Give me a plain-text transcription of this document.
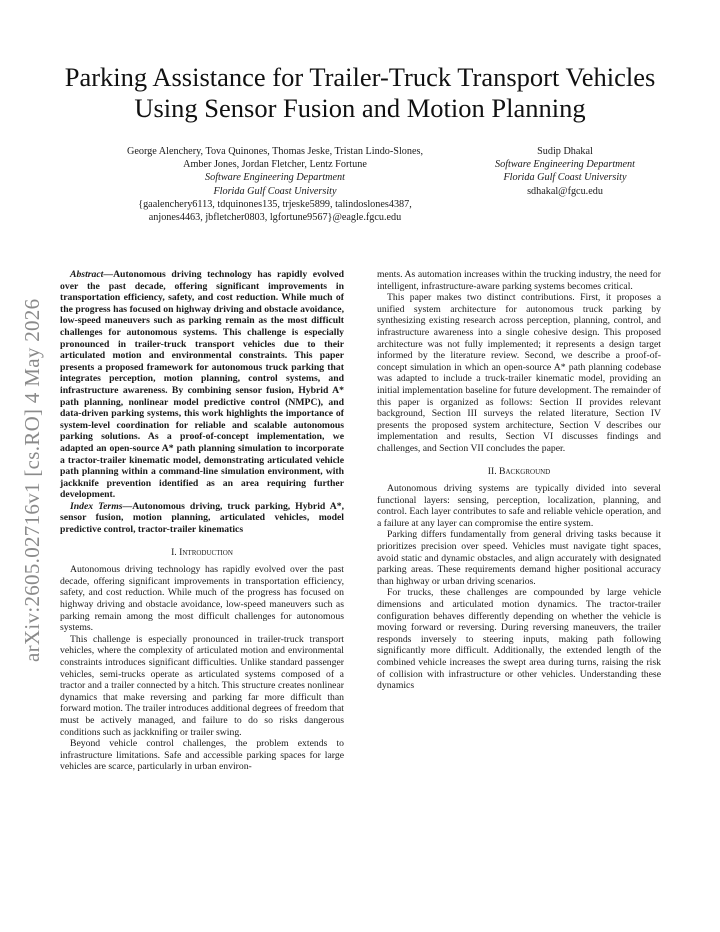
arXiv:2605.02716v1 [cs.RO] 4 May 2026
Parking Assistance for Trailer-Truck Transport Vehicles Using Sensor Fusion and Motion Planning
George Alenchery, Tova Quinones, Thomas Jeske, Tristan Lindo-Slones,
Amber Jones, Jordan Fletcher, Lentz Fortune
Software Engineering Department
Florida Gulf Coast University
{gaalenchery6113, tdquinones135, trjeske5899, talindoslones4387,
anjones4463, jbfletcher0803, lgfortune9567}@eagle.fgcu.edu
Sudip Dhakal
Software Engineering Department
Florida Gulf Coast University
sdhakal@fgcu.edu

Abstract—Autonomous driving technology has rapidly evolved over the past decade, offering significant improvements in transportation efficiency, safety, and cost reduction. While much of the progress has focused on highway driving and obstacle avoidance, low-speed maneuvers such as parking remain as the most difficult challenges for autonomous systems. This challenge is especially pronounced in trailer-truck transport vehicles due to their articulated motion and environmental constraints. This paper presents a proposed framework for autonomous truck parking that integrates perception, motion planning, control systems, and infrastructure awareness. By combining sensor fusion, Hybrid A* path planning, nonlinear model predictive control (NMPC), and data-driven parking systems, this work highlights the importance of system-level coordination for reliable and scalable autonomous parking solutions. As a proof-of-concept implementation, we adapted an open-source A* path planning simulation to incorporate a tractor-trailer kinematic model, demonstrating articulated vehicle path planning within a command-line simulation environment, with jackknife prevention identified as an area requiring further development.

Index Terms—Autonomous driving, truck parking, Hybrid A*, sensor fusion, motion planning, articulated vehicles, model predictive control, tractor-trailer kinematics

I. Introduction

Autonomous driving technology has rapidly evolved over the past decade, offering significant improvements in transportation efficiency, safety, and cost reduction. While much of the progress has focused on highway driving and obstacle avoidance, low-speed maneuvers such as parking remain among the most difficult challenges for autonomous systems.

This challenge is especially pronounced in trailer-truck transport vehicles, where the complexity of articulated motion and environmental constraints introduces significant difficulties. Unlike standard passenger vehicles, semi-trucks operate as articulated systems composed of a tractor and a trailer connected by a hitch. This structure creates nonlinear dynamics that make reversing and parking far more difficult than forward motion. The trailer introduces additional degrees of freedom that must be actively managed, and failure to do so risks dangerous conditions such as jackknifing or trailer swing.

Beyond vehicle control challenges, the problem extends to infrastructure limitations. Safe and accessible parking spaces for large vehicles are scarce, particularly in urban environ-

ments. As automation increases within the trucking industry, the need for intelligent, infrastructure-aware parking systems becomes critical.

This paper makes two distinct contributions. First, it proposes a unified system architecture for autonomous truck parking by synthesizing existing research across perception, planning, control, and infrastructure awareness into a single cohesive design. This proposed architecture was not fully implemented; it represents a design target informed by the literature review. Second, we describe a proof-of-concept simulation in which an open-source A* path planning codebase was adapted to include a truck-trailer kinematic model, providing an initial implementation baseline for future development. The remainder of this paper is organized as follows: Section II provides relevant background, Section III surveys the related literature, Section IV presents the proposed system architecture, Section V describes our implementation and results, Section VI discusses findings and challenges, and Section VII concludes the paper.

II. Background

Autonomous driving systems are typically divided into several functional layers: sensing, perception, localization, planning, and control. Each layer contributes to safe and reliable vehicle operation, and a failure at any layer can compromise the entire system.

Parking differs fundamentally from general driving tasks because it prioritizes precision over speed. Vehicles must navigate tight spaces, avoid static and dynamic obstacles, and align accurately with designated parking areas. These requirements demand higher positional accuracy than highway or urban driving scenarios.

For trucks, these challenges are compounded by large vehicle dimensions and articulated motion dynamics. The tractor-trailer configuration behaves differently depending on whether the vehicle is moving forward or reversing. During reversing maneuvers, the trailer responds inversely to steering inputs, making path following significantly more difficult. Additionally, the extended length of the combined vehicle increases the swept area during turns, raising the risk of collision with infrastructure or other vehicles. Understanding these dynamics
